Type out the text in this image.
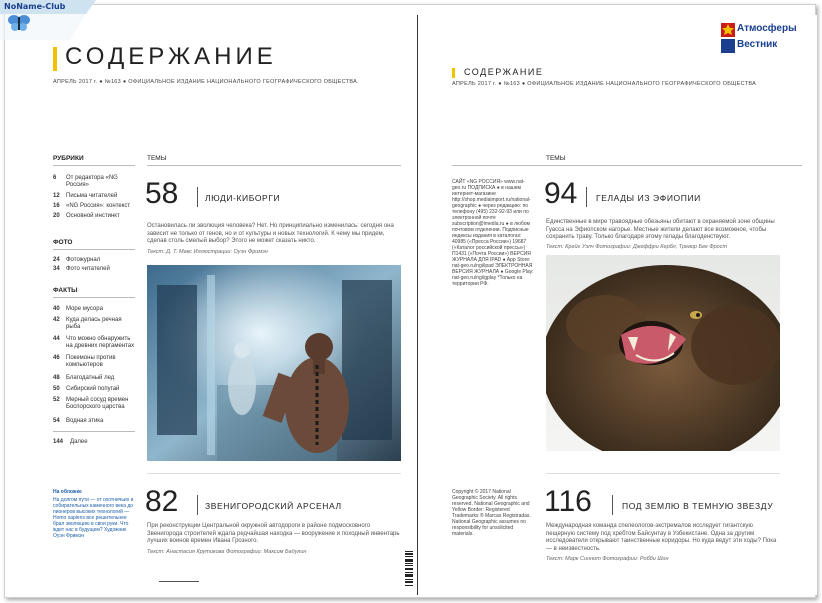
СОДЕРЖАНИЕ
АПРЕЛЬ 2017 г. ● №163 ● ОФИЦИАЛЬНОЕ ИЗДАНИЕ НАЦИОНАЛЬНОГО ГЕОГРАФИЧЕСКОГО ОБЩЕСТВА
РУБРИКИ	ТЕМЫ
6 От редактора «NG Россия»
12 Письма читателей
16 «NG Россия»: контекст
20 Основной инстинкт
ФОТО
24 Фотожурнал
34 Фото читателей
ФАКТЫ
40 Море мусора
42 Куда делась речная рыба
44 Что можно обнаружить на древних пергаментах
46 Покемоны против компьютеров
48 Благодатный лед
50 Сибирский попугай
52 Мерный сосуд времен Боспорского царства
54 Водная этика
144 Далее
На обложке
На долгом пути — от охотничьих и собирательных каменного века до пионеров высоких технологий — Homo sapiens все решительнее брал эволюцию в свои руки. Что ждет нас в будущем? Художник Оуэн Фримэн
58	ЛЮДИ-КИБОРГИ
Остановилась ли эволюция человека? Нет. Но принципиально изменилась: сегодня она зависит не только от генов, но и от культуры и новых технологий. К чему мы придем, сделав столь смелый выбор? Этого не может сказать никто.
Текст: Д. Т. Макс Иллюстрации: Оуэн Фримэн
82	ЗВЕНИГОРОДСКИЙ АРСЕНАЛ
При реконструкции Центральной окружной автодороги в районе подмосковного Звенигорода строителей ждала редчайшая находка — вооружение и походный инвентарь лучших воинов времен Ивана Грозного.
Текст: Анастасия Крутикова Фотографии: Максим Бадулин
СОДЕРЖАНИЕ
АПРЕЛЬ 2017 г. ● №163 ● ОФИЦИАЛЬНОЕ ИЗДАНИЕ НАЦИОНАЛЬНОГО ГЕОГРАФИЧЕСКОГО ОБЩЕСТВА
ТЕМЫ
САЙТ «NG РОССИЯ» www.nat-geo.ru ПОДПИСКА ● в нашем интернет-магазине http://shop.mediaimport.ru/national-geographic ● через редакцию: по телефону (495) 232-92-93 или по электронной почте subscription@imedia.ru ● в любом почтовом отделении. Подписные индексы издания в каталогах: 40985 («Пресса России») 19687 («Каталог российской прессы») П1431 («Почта России») ВЕРСИЯ ЖУРНАЛА ДЛЯ IPAD ● App Store: nat-geo.ru/ngi/ipad ЭЛЕКТРОННАЯ ВЕРСИЯ ЖУРНАЛА ● Google Play: nat-geo.ru/ngi/gplay *Только на территории РФ.
Copyright © 2017 National Geographic Society. All rights reserved. National Geographic and Yellow Border: Registered Trademarks ® Marcas Registradas. National Geographic assumes no responsibility for unsolicited materials.
94 ГЕЛАДЫ ИЗ ЭФИОПИИ
Единственные в мире травоядные обезьяны обитают в охраняемой зоне общины Гуасса на Эфиопском нагорье. Местные жители делают все возможное, чтобы сохранить траву. Только благодаря этому гелады благоденствуют.
Текст: Крейг Уэлч Фотографии: Джеффри Кербл, Тревор Бек Фрост
116	ПОД ЗЕМЛЮ В ТЕМНУЮ ЗВЕЗДУ
Международная команда спелеологов-экстремалов исследует гигантскую пещерную систему под хребтом Байсунтау в Узбекистане. Одна за другим исследователи открывают таинственные коридоры. Но куда ведут эти ходы? Пока — в неизвестность.
Текст: Марк Синнот Фотографии: Робби Шон
Атмосферы
Вестник
NoName-Club
